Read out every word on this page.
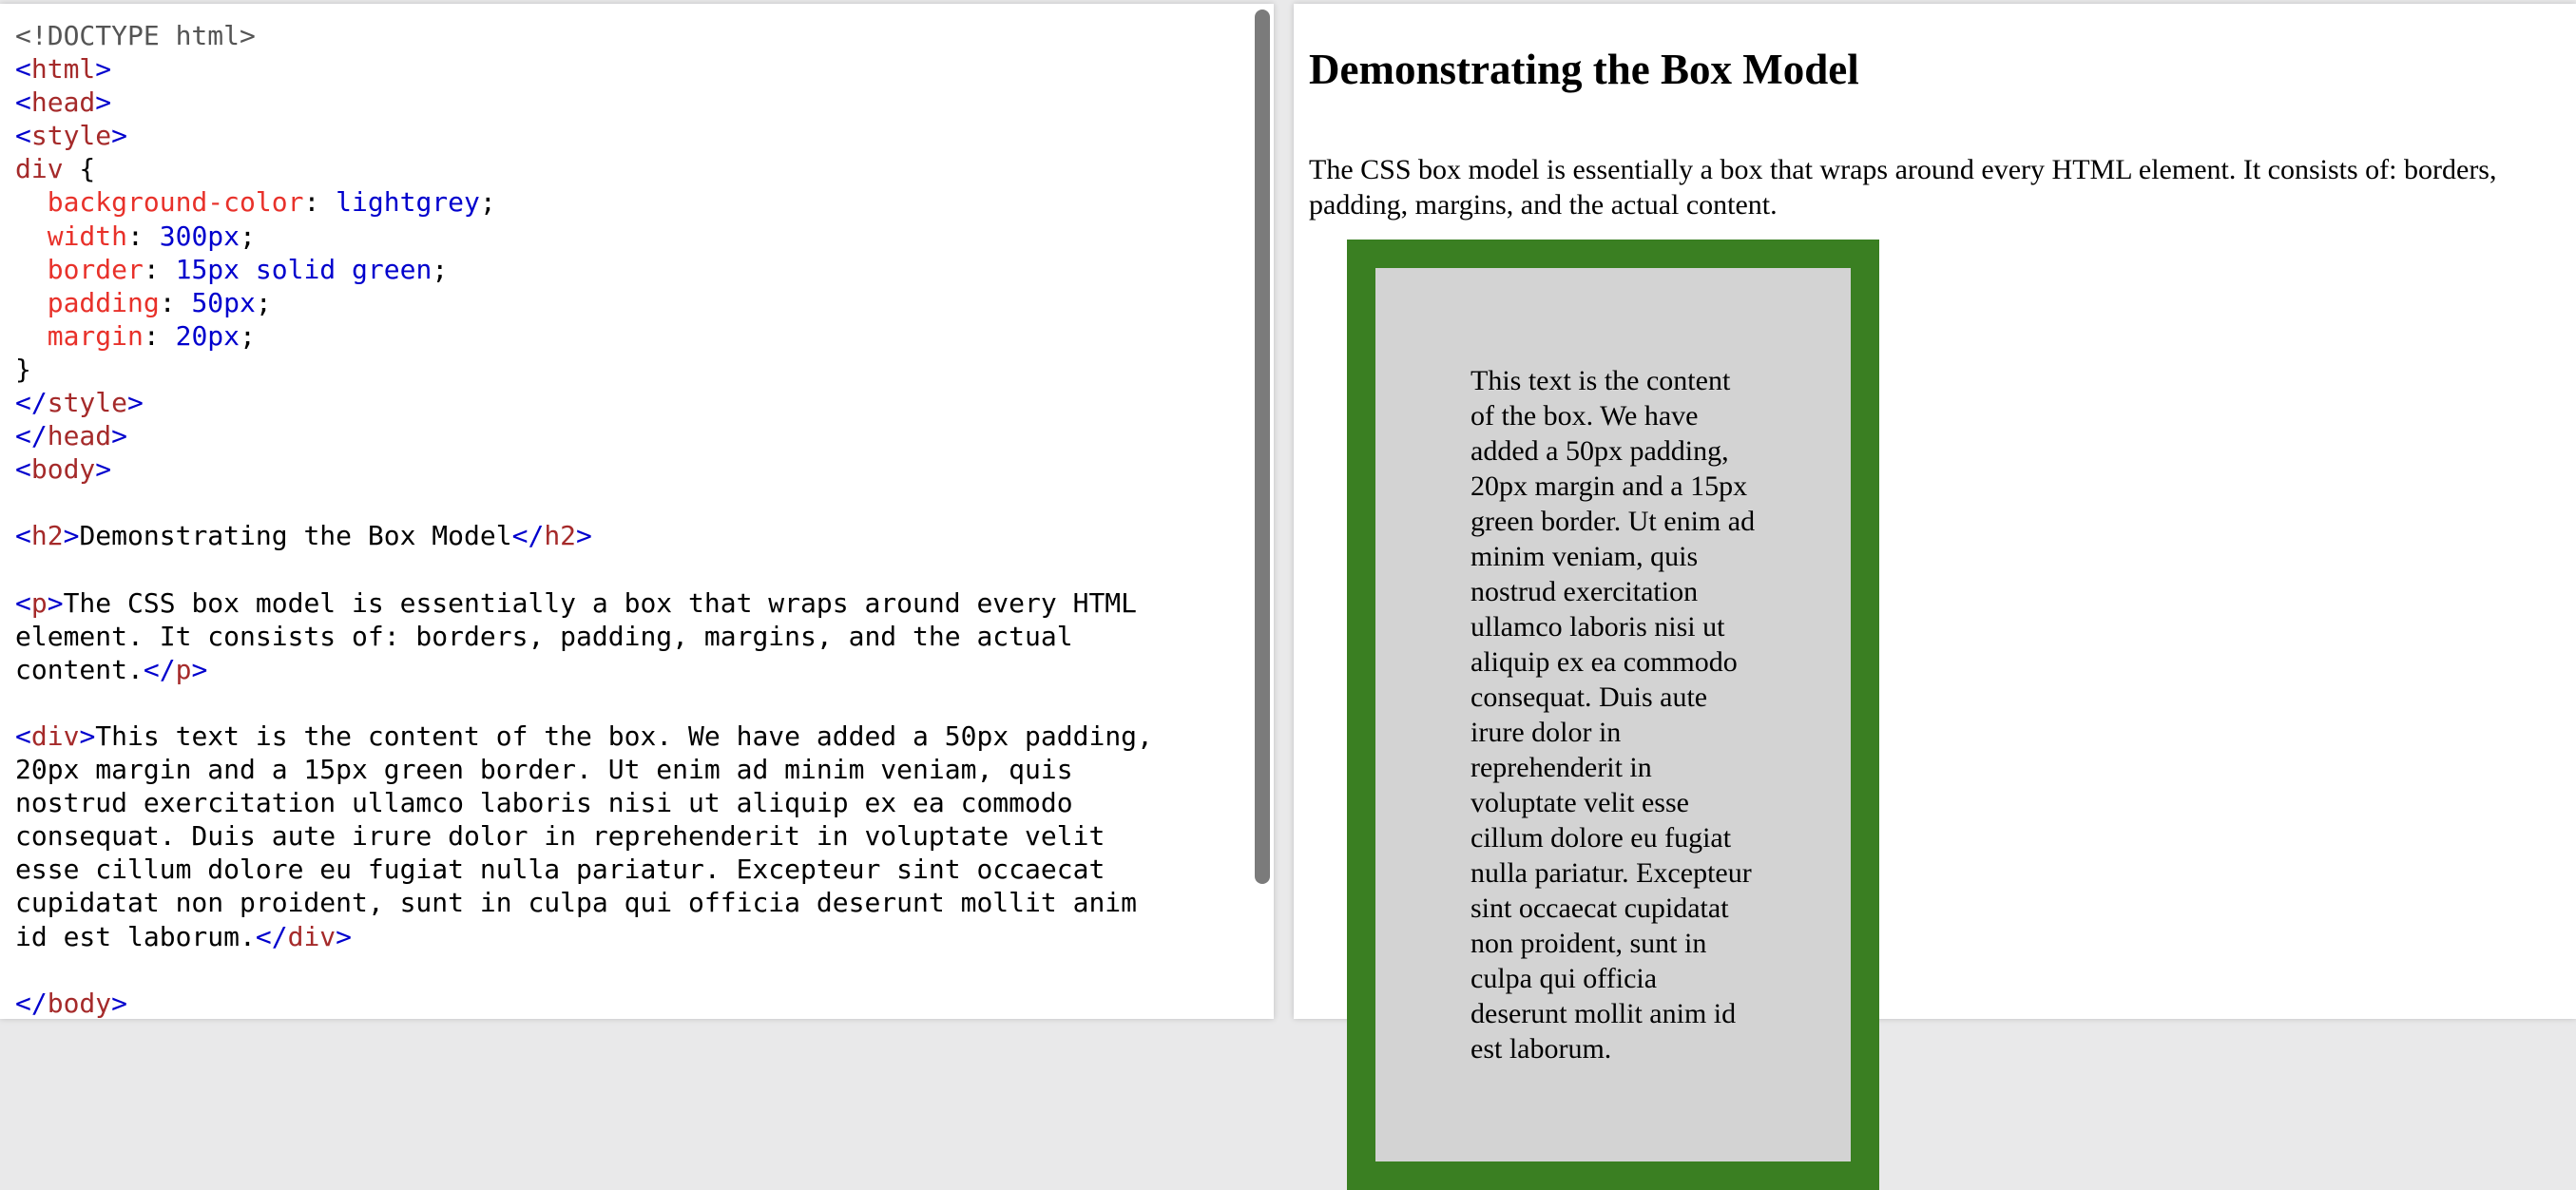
<!DOCTYPE html>
<html>
<head>
<style>
div {
background-color: lightgrey;
width: 300px;
border: 15px solid green;
padding: 50px;
margin: 20px;
}
</style>
</head>
<body>

<h2>Demonstrating the Box Model</h2>

<p>The CSS box model is essentially a box that wraps around every HTML
element. It consists of: borders, padding, margins, and the actual
content.</p>

<div>This text is the content of the box. We have added a 50px padding,
20px margin and a 15px green border. Ut enim ad minim veniam, quis
nostrud exercitation ullamco laboris nisi ut aliquip ex ea commodo
consequat. Duis aute irure dolor in reprehenderit in voluptate velit
esse cillum dolore eu fugiat nulla pariatur. Excepteur sint occaecat
cupidatat non proident, sunt in culpa qui officia deserunt mollit anim
id est laborum.</div>

</body>
Demonstrating the Box Model

The CSS box model is essentially a box that wraps around every HTML element. It consists of: borders, padding, margins, and the actual content.

This text is the content of the box. We have added a 50px padding, 20px margin and a 15px green border. Ut enim ad minim veniam, quis nostrud exercitation ullamco laboris nisi ut aliquip ex ea commodo consequat. Duis aute irure dolor in reprehenderit in voluptate velit esse cillum dolore eu fugiat nulla pariatur. Excepteur sint occaecat cupidatat non proident, sunt in culpa qui officia deserunt mollit anim id est laborum.
